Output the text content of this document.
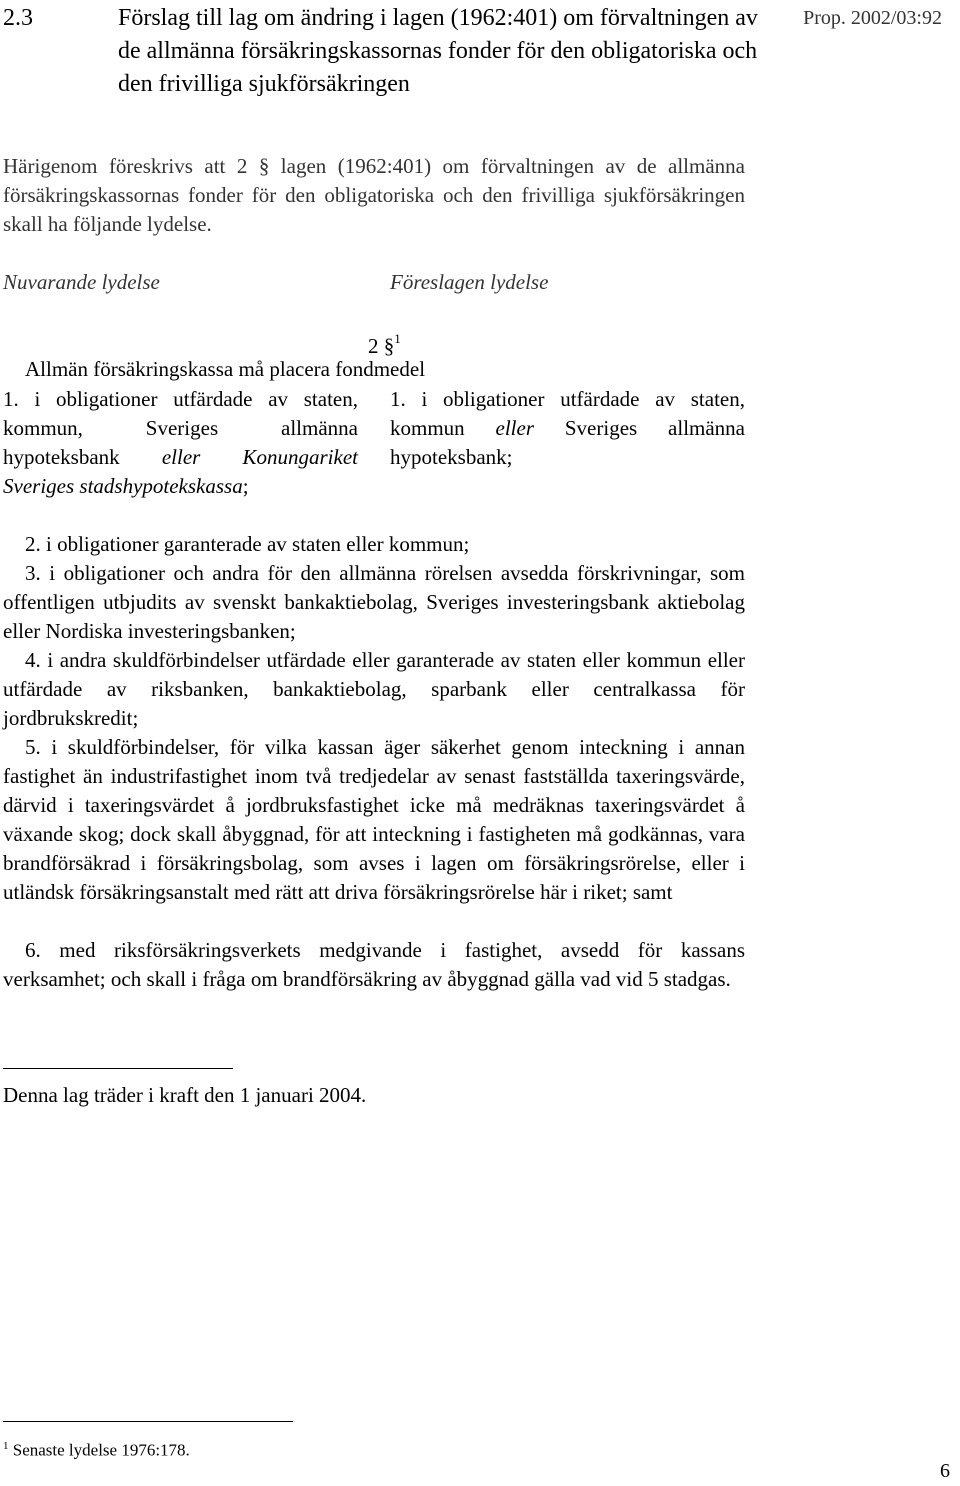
2.3	Förslag till lag om ändring i lagen (1962:401) om förvaltningen av de allmänna försäkringskassornas fonder för den obligatoriska och den frivilliga sjukförsäkringen
Prop. 2002/03:92
Härigenom föreskrivs att 2 § lagen (1962:401) om förvaltningen av de allmänna försäkringskassornas fonder för den obligatoriska och den frivilliga sjukförsäkringen skall ha följande lydelse.
Nuvarande lydelse	Föreslagen lydelse
2 §$^1$
Allmän försäkringskassa må placera fondmedel
1. i obligationer utfärdade av staten, kommun, Sveriges allmänna hypoteksbank eller Konungariket Sveriges stadshypotekskassa;
1. i obligationer utfärdade av staten, kommun eller Sveriges allmänna hypoteksbank;

2. i obligationer garanterade av staten eller kommun;

3. i obligationer och andra för den allmänna rörelsen avsedda förskrivningar, som offentligen utbjudits av svenskt bankaktiebolag, Sveriges investeringsbank aktiebolag eller Nordiska investeringsbanken;

4. i andra skuldförbindelser utfärdade eller garanterade av staten eller kommun eller utfärdade av riksbanken, bankaktiebolag, sparbank eller centralkassa för jordbrukskredit;

5. i skuldförbindelser, för vilka kassan äger säkerhet genom inteckning i annan fastighet än industrifastighet inom två tredjedelar av senast fastställda taxeringsvärde, därvid i taxeringsvärdet å jordbruksfastighet icke må medräknas taxeringsvärdet å växande skog; dock skall åbyggnad, för att inteckning i fastigheten må godkännas, vara brandförsäkrad i försäkringsbolag, som avses i lagen om försäkringsrörelse, eller i utländsk försäkringsanstalt med rätt att driva försäkringsrörelse här i riket; samt

6. med riksförsäkringsverkets medgivande i fastighet, avsedd för kassans verksamhet; och skall i fråga om brandförsäkring av åbyggnad gälla vad vid 5 stadgas.

Denna lag träder i kraft den 1 januari 2004.
$^1$ Senaste lydelse 1976:178.
6
